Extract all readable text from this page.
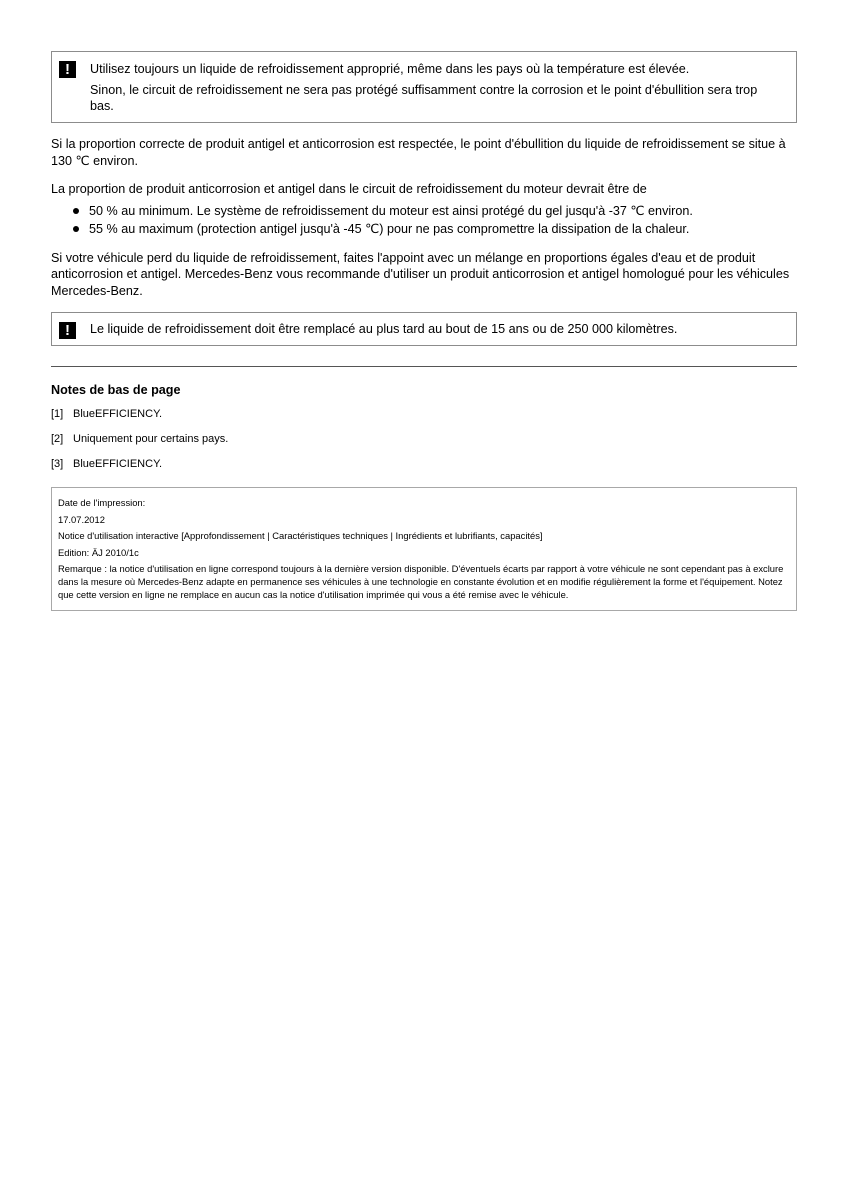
!	Utilisez toujours un liquide de refroidissement approprié, même dans les pays où la température est élevée.

Sinon, le circuit de refroidissement ne sera pas protégé suffisamment contre la corrosion et le point d'ébullition sera trop bas.

Si la proportion correcte de produit antigel et anticorrosion est respectée, le point d'ébullition du liquide de refroidissement se situe à 130 ℃ environ.

La proportion de produit anticorrosion et antigel dans le circuit de refroidissement du moteur devrait être de

50 % au minimum. Le système de refroidissement du moteur est ainsi protégé du gel jusqu'à -37 ℃ environ.
55 % au maximum (protection antigel jusqu'à -45 ℃) pour ne pas compromettre la dissipation de la chaleur.

Si votre véhicule perd du liquide de refroidissement, faites l'appoint avec un mélange en proportions égales d'eau et de produit anticorrosion et antigel. Mercedes-Benz vous recommande d'utiliser un produit anticorrosion et antigel homologué pour les véhicules Mercedes-Benz.

!	Le liquide de refroidissement doit être remplacé au plus tard au bout de 15 ans ou de 250 000 kilomètres.

Notes de bas de page
[1] BlueEFFICIENCY.
[2] Uniquement pour certains pays.
[3] BlueEFFICIENCY.
Date de l'impression:
17.07.2012
Notice d'utilisation interactive [Approfondissement | Caractéristiques techniques | Ingrédients et lubrifiants, capacités]
Edition: ÄJ 2010/1c
Remarque : la notice d'utilisation en ligne correspond toujours à la dernière version disponible. D'éventuels écarts par rapport à votre véhicule ne sont cependant pas à exclure dans la mesure où Mercedes-Benz adapte en permanence ses véhicules à une technologie en constante évolution et en modifie régulièrement la forme et l'équipement. Notez que cette version en ligne ne remplace en aucun cas la notice d'utilisation imprimée qui vous a été remise avec le véhicule.
